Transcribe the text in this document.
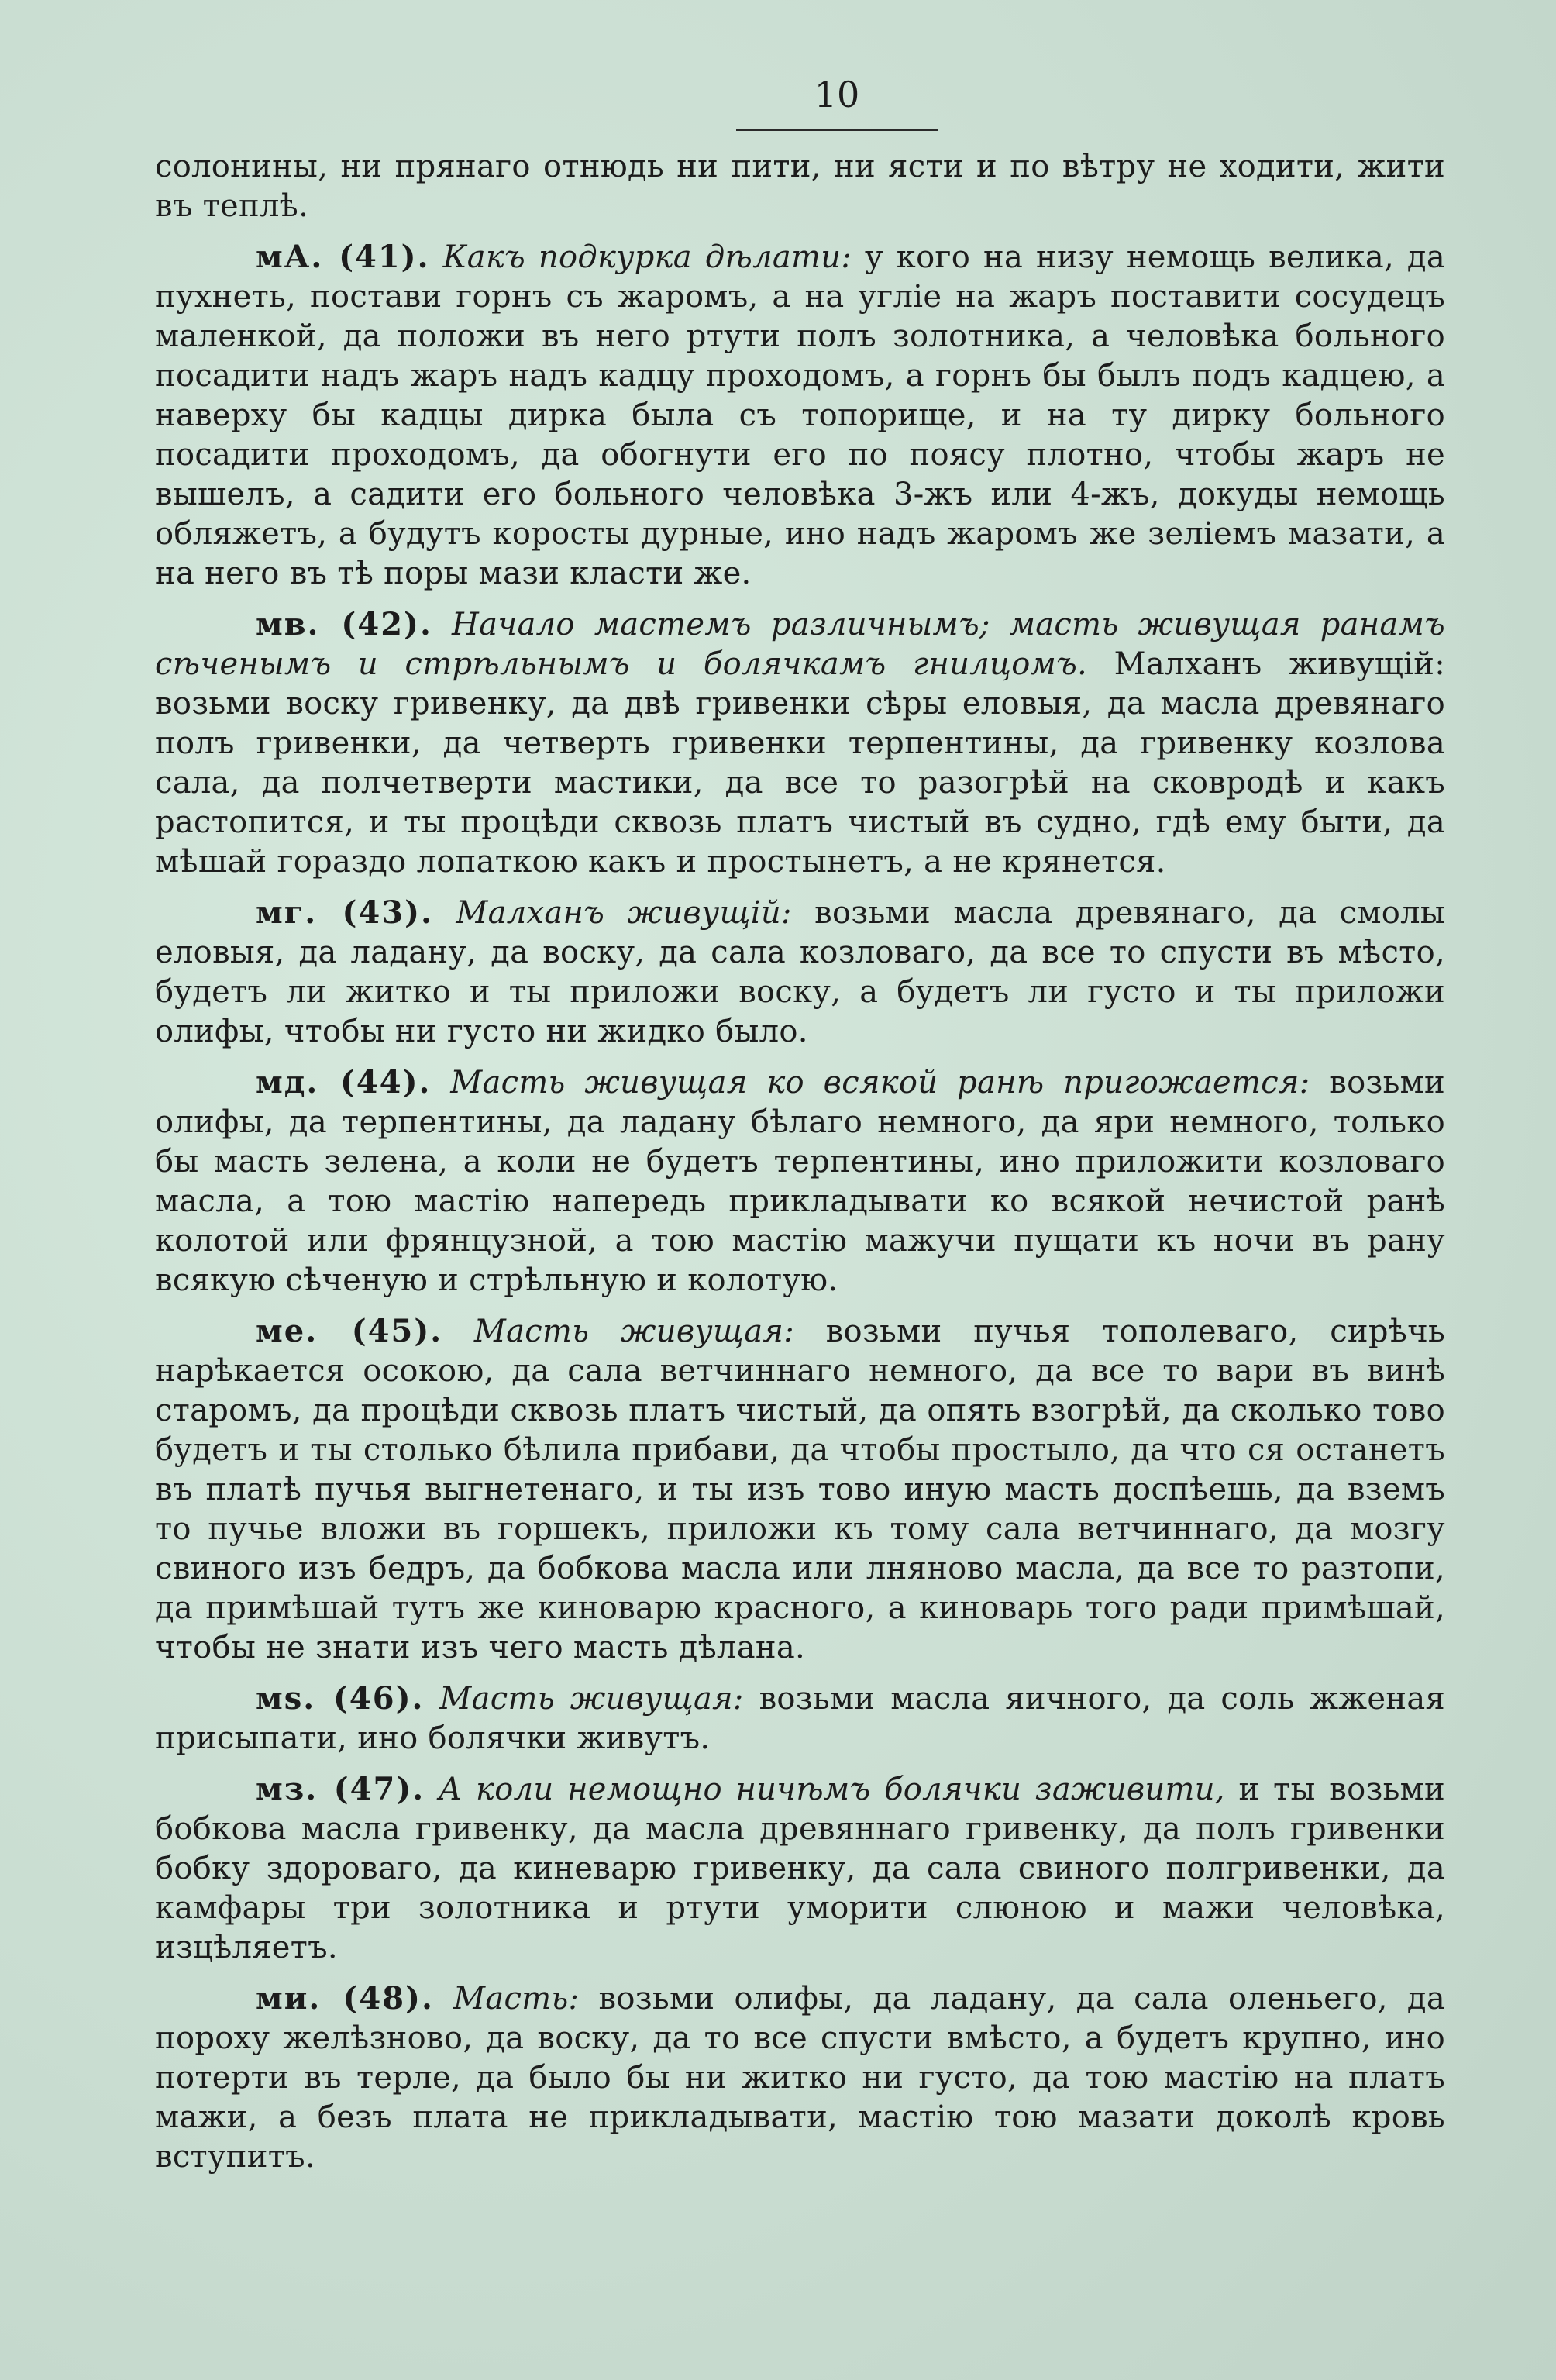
10

солонины, ни прянаго отнюдь ни пити, ни ясти и по вѣтру не ходити, жити въ теплѣ.

мА. (41). Какъ подкурка дѣлати: у кого на низу немощь велика, да пухнеть, постави горнъ съ жаромъ, а на угліе на жаръ поставити сосудецъ маленкой, да положи въ него ртути полъ золотника, а человѣка больного посадити надъ жаръ надъ кадцу проходомъ, а горнъ бы былъ подъ кадцею, а наверху бы кадцы дирка была съ топорище, и на ту дирку больного посадити проходомъ, да обогнути его по поясу плотно, чтобы жаръ не вышелъ, а садити его больного человѣка 3-жъ или 4-жъ, докуды немощь обляжетъ, а будутъ коросты дурные, ино надъ жаромъ же зеліемъ мазати, а на него въ тѣ поры мази класти же.

мв. (42). Начало мастемъ различнымъ; масть живущая ранамъ сѣченымъ и стрѣльнымъ и болячкамъ гнилцомъ. Малханъ живущій: возьми воску гривенку, да двѣ гривенки сѣры еловыя, да масла древянаго полъ гривенки, да четверть гривенки терпентины, да гривенку козлова сала, да полчетверти мастики, да все то разогрѣй на сковродѣ и какъ растопится, и ты процѣди сквозь платъ чистый въ судно, гдѣ ему быти, да мѣшай гораздо лопаткою какъ и простынетъ, а не крянется.

мг. (43). Малханъ живущій: возьми масла древянаго, да смолы еловыя, да ладану, да воску, да сала козловаго, да все то спусти въ мѣсто, будетъ ли житко и ты приложи воску, а будетъ ли густо и ты приложи олифы, чтобы ни густо ни жидко было.

мд. (44). Масть живущая ко всякой ранѣ пригожается: возьми олифы, да терпентины, да ладану бѣлаго немного, да яри немного, только бы масть зелена, а коли не будетъ терпентины, ино приложити козловаго масла, а тою мастію напередь прикладывати ко всякой нечистой ранѣ колотой или фрянцузной, а тою мастію мажучи пущати къ ночи въ рану всякую сѣченую и стрѣльную и колотую.

ме. (45). Масть живущая: возьми пучья тополеваго, сирѣчь нарѣкается осокою, да сала ветчиннаго немного, да все то вари въ винѣ старомъ, да процѣди сквозь платъ чистый, да опять взогрѣй, да сколько тово будетъ и ты столько бѣлила прибави, да чтобы простыло, да что ся останетъ въ платѣ пучья выгнетенаго, и ты изъ тово иную масть доспѣешь, да вземъ то пучье вложи въ горшекъ, приложи къ тому сала ветчиннаго, да мозгу свиного изъ бедръ, да бобкова масла или лняново масла, да все то разтопи, да примѣшай тутъ же киноварю красного, а киноварь того ради примѣшай, чтобы не знати изъ чего масть дѣлана.

мѕ. (46). Масть живущая: возьми масла яичного, да соль жженая присыпати, ино болячки живутъ.

мз. (47). А коли немощно ничѣмъ болячки заживити, и ты возьми бобкова масла гривенку, да масла древяннаго гривенку, да полъ гривенки бобку здороваго, да киневарю гривенку, да сала свиного полгривенки, да камфары три золотника и ртути уморити слюною и мажи человѣка, изцѣляетъ.

ми. (48). Масть: возьми олифы, да ладану, да сала оленьего, да пороху желѣзново, да воску, да то все спусти вмѣсто, а будетъ крупно, ино потерти въ терле, да было бы ни житко ни густо, да тою мастію на платъ мажи, а безъ плата не прикладывати, мастію тою мазати доколѣ кровь вступитъ.
